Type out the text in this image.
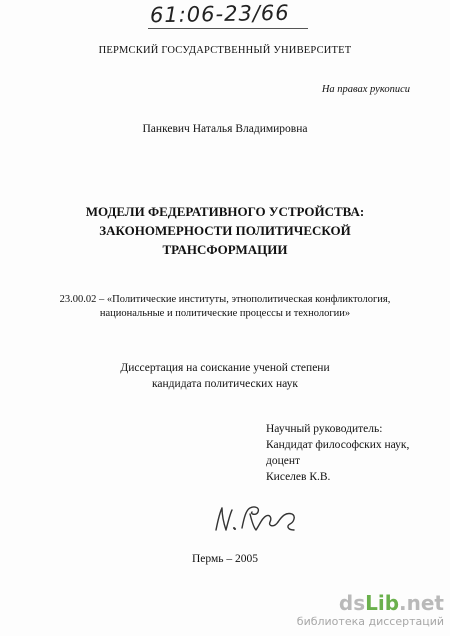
61:06-23/66
ПЕРМСКИЙ ГОСУДАРСТВЕННЫЙ УНИВЕРСИТЕТ
На правах рукописи
Панкевич Наталья Владимировна
МОДЕЛИ ФЕДЕРАТИВНОГО УСТРОЙСТВА:
ЗАКОНОМЕРНОСТИ ПОЛИТИЧЕСКОЙ
ТРАНСФОРМАЦИИ
23.00.02 – «Политические институты, этнополитическая конфликтология,
национальные и политические процессы и технологии»
Диссертация на соискание ученой степени
кандидата политических наук
Научный руководитель:
Кандидат философских наук,
доцент
Киселев К.В.
Пермь – 2005
dsLib.net
библиотека диссертаций
